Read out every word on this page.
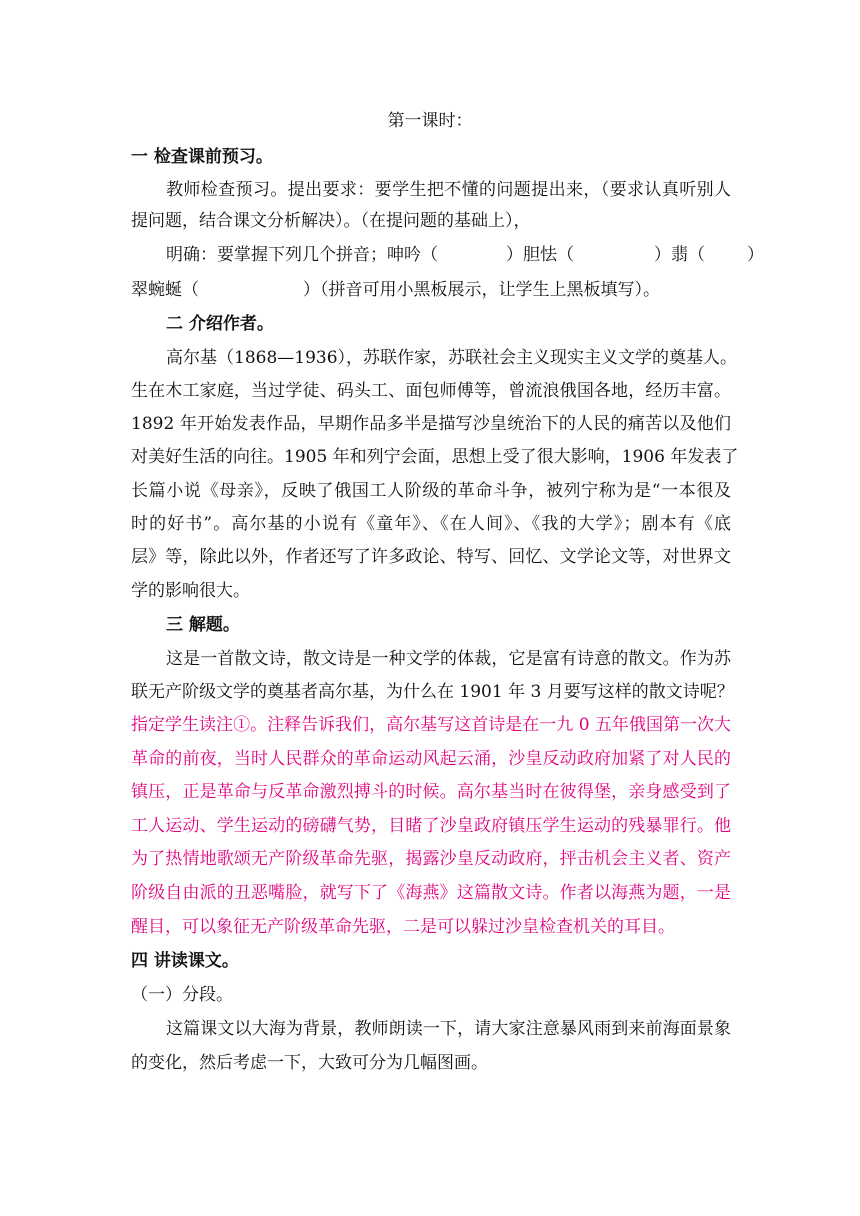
第一课时：
一 检查课前预习。
教师检查预习。提出要求：要学生把不懂的问题提出来，（要求认真听别人
提问题，结合课文分析解决）。（在提问题的基础上），
明确：要掌握下列几个拼音；呻吟（	）胆怯（	）翡（ ）
翠蜿蜒（	）（拼音可用小黑板展示，让学生上黑板填写）。
二 介绍作者。
高尔基（1868—1936），苏联作家，苏联社会主义现实主义文学的奠基人。
生在木工家庭，当过学徒、码头工、面包师傅等，曾流浪俄国各地，经历丰富。
1892 年开始发表作品，早期作品多半是描写沙皇统治下的人民的痛苦以及他们
对美好生活的向往。1905 年和列宁会面，思想上受了很大影响，1906 年发表了
长篇小说《母亲》，反映了俄国工人阶级的革命斗争，被列宁称为是“一本很及
时的好书”。高尔基的小说有《童年》、《在人间》、《我的大学》；剧本有《底
层》等，除此以外，作者还写了许多政论、特写、回忆、文学论文等，对世界文
学的影响很大。
三 解题。
这是一首散文诗，散文诗是一种文学的体裁，它是富有诗意的散文。作为苏
联无产阶级文学的奠基者高尔基，为什么在 1901 年 3 月要写这样的散文诗呢？
指定学生读注①。注释告诉我们，高尔基写这首诗是在一九 0 五年俄国第一次大
革命的前夜，当时人民群众的革命运动风起云涌，沙皇反动政府加紧了对人民的
镇压，正是革命与反革命激烈搏斗的时候。高尔基当时在彼得堡，亲身感受到了
工人运动、学生运动的磅礴气势，目睹了沙皇政府镇压学生运动的残暴罪行。他
为了热情地歌颂无产阶级革命先驱，揭露沙皇反动政府，抨击机会主义者、资产
阶级自由派的丑恶嘴脸，就写下了《海燕》这篇散文诗。作者以海燕为题，一是
醒目，可以象征无产阶级革命先驱，二是可以躲过沙皇检查机关的耳目。
四 讲读课文。
（一）分段。
这篇课文以大海为背景，教师朗读一下，请大家注意暴风雨到来前海面景象
的变化，然后考虑一下，大致可分为几幅图画。
